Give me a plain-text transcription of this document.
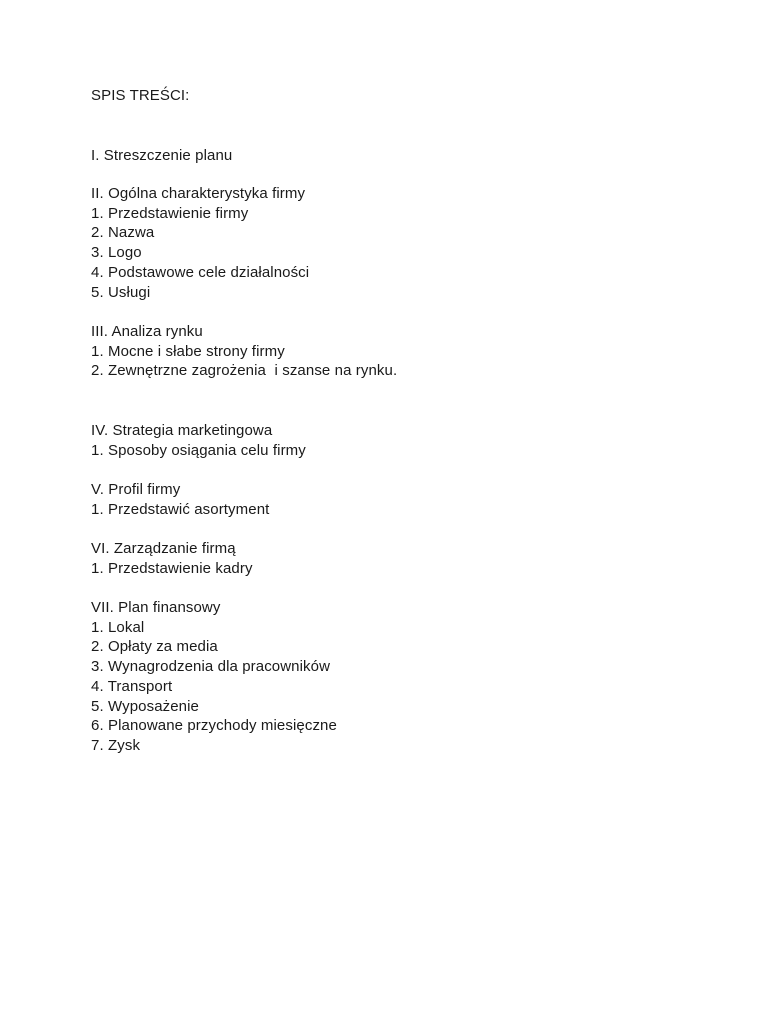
SPIS TREŚCI:
I. Streszczenie planu
II. Ogólna charakterystyka firmy
1. Przedstawienie firmy
2. Nazwa
3. Logo
4. Podstawowe cele działalności
5. Usługi
III. Analiza rynku
1. Mocne i słabe strony firmy
2. Zewnętrzne zagrożenia  i szanse na rynku.
IV. Strategia marketingowa
1. Sposoby osiągania celu firmy
V. Profil firmy
1. Przedstawić asortyment
VI. Zarządzanie firmą
1. Przedstawienie kadry
VII. Plan finansowy
1. Lokal
2. Opłaty za media
3. Wynagrodzenia dla pracowników
4. Transport
5. Wyposażenie
6. Planowane przychody miesięczne
7. Zysk
